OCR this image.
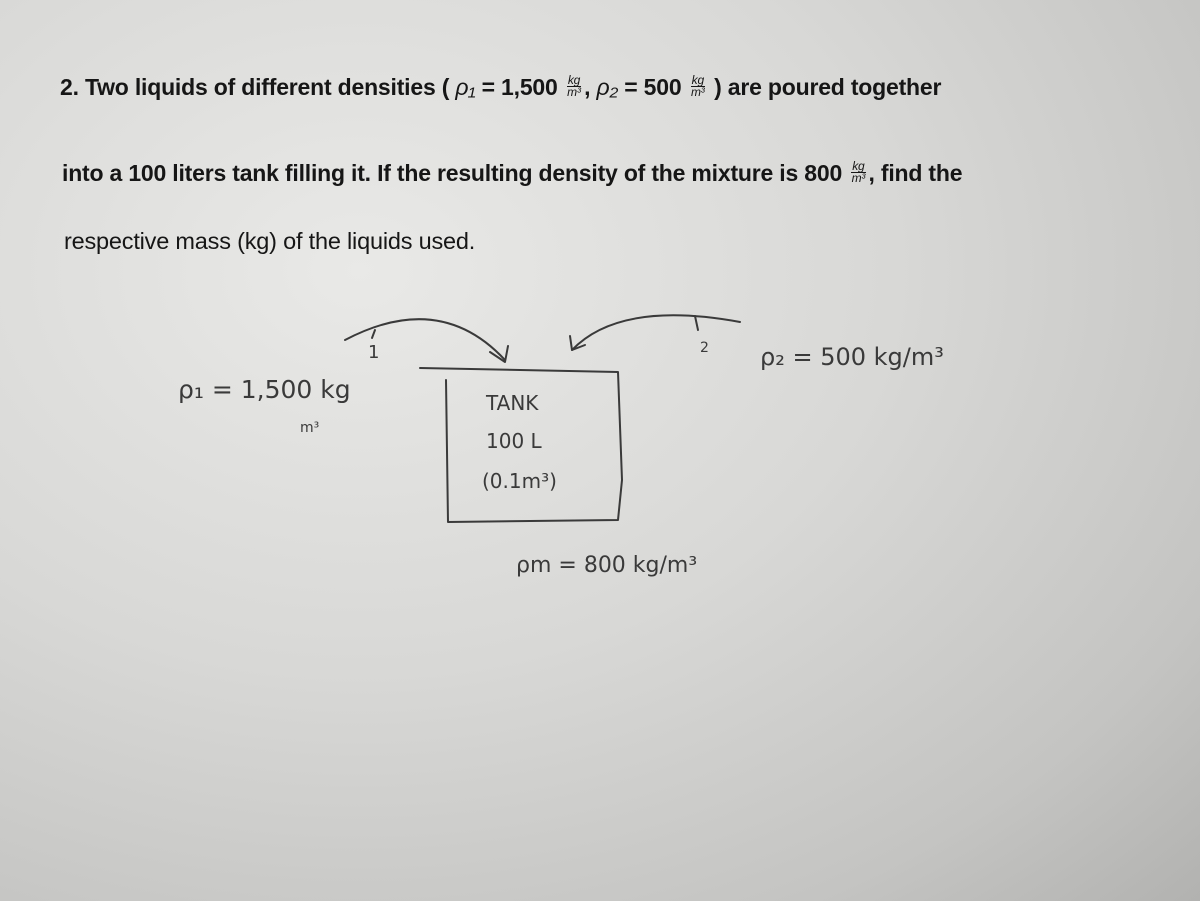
2. Two liquids of different densities ( $\rho_1 = 1,500 \frac{kg}{\text{m³}}$ , $\rho_2 = 500 \frac{kg}{\text{m³}}$ ) are poured together
into a 100 liters tank filling it. If the resulting density of the mixture is $800 \frac{kg}{\text{m³}}$ , find the
respective mass (kg) of the liquids used.
ρ₁ = 1,500 kg
m³
1	2 ρ₂ = 500 kg/m³
TANK
100 L
(0.1m³)
ρm = 800 kg/m³
